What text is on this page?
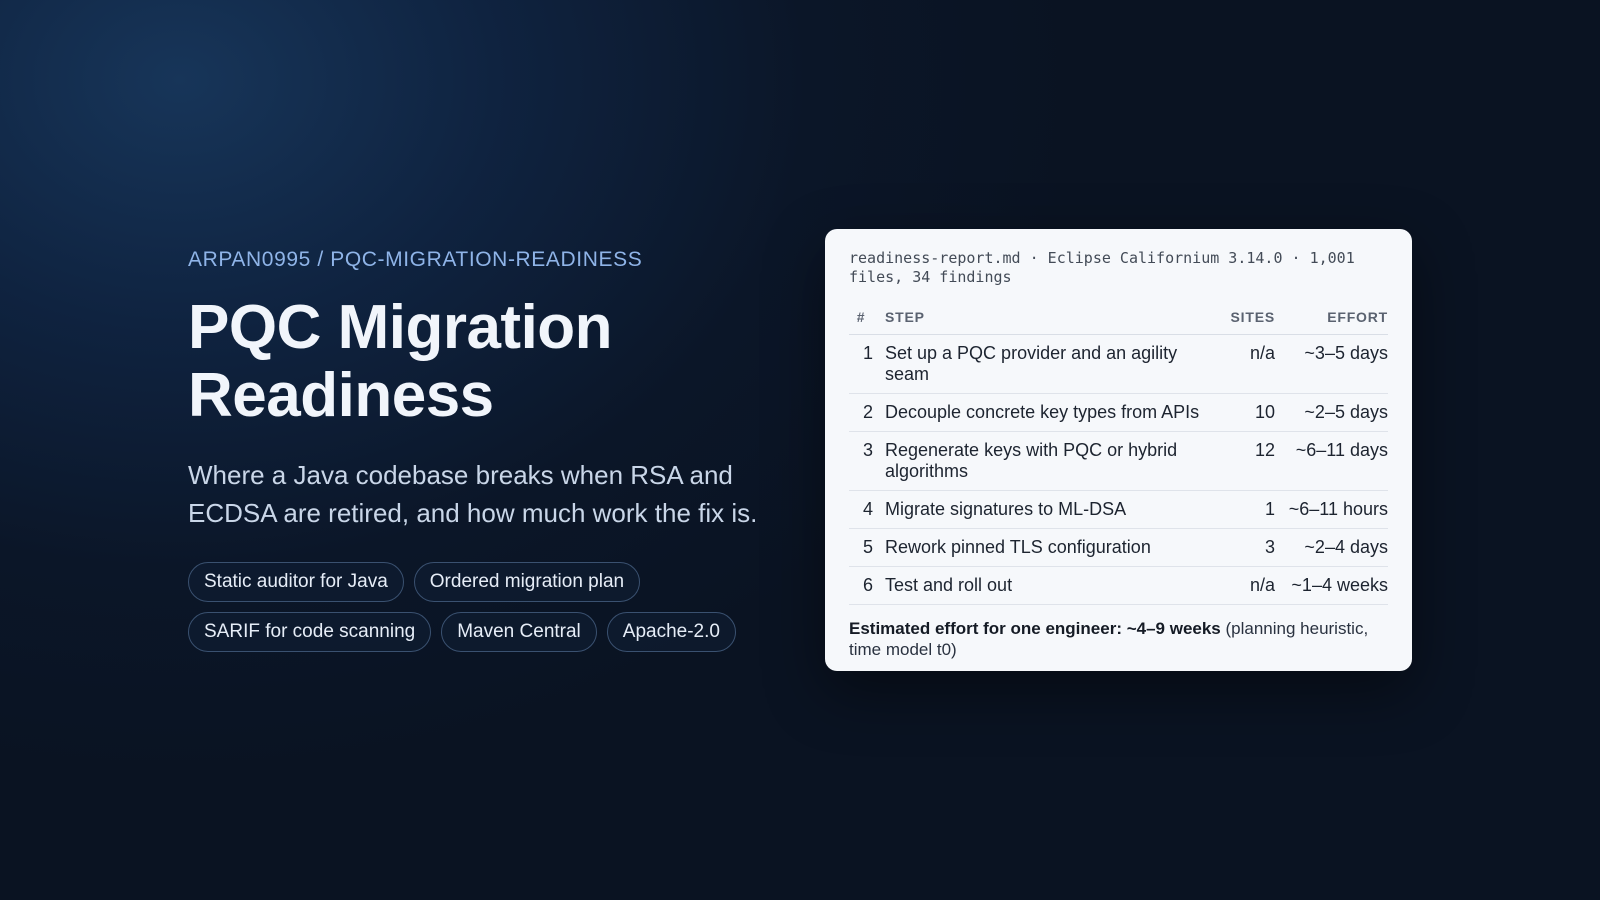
ARPAN0995 / PQC-MIGRATION-READINESS
PQC Migration Readiness

Where a Java codebase breaks when RSA and ECDSA are retired, and how much work the fix is.

Static auditor for Java	Ordered migration plan
SARIF for code scanning	Maven Central	Apache-2.0
readiness-report.md · Eclipse Californium 3.14.0 · 1,001 files, 34 findings
#	STEP	SITES	EFFORT
1	Set up a PQC provider and an agility seam	n/a	~3–5 days
2	Decouple concrete key types from APIs	10	~2–5 days
3	Regenerate keys with PQC or hybrid algorithms	12	~6–11 days
4	Migrate signatures to ML-DSA	1	~6–11 hours
5	Rework pinned TLS configuration	3	~2–4 days
6	Test and roll out	n/a	~1–4 weeks
Estimated effort for one engineer: ~4–9 weeks (planning heuristic, time model t0)
